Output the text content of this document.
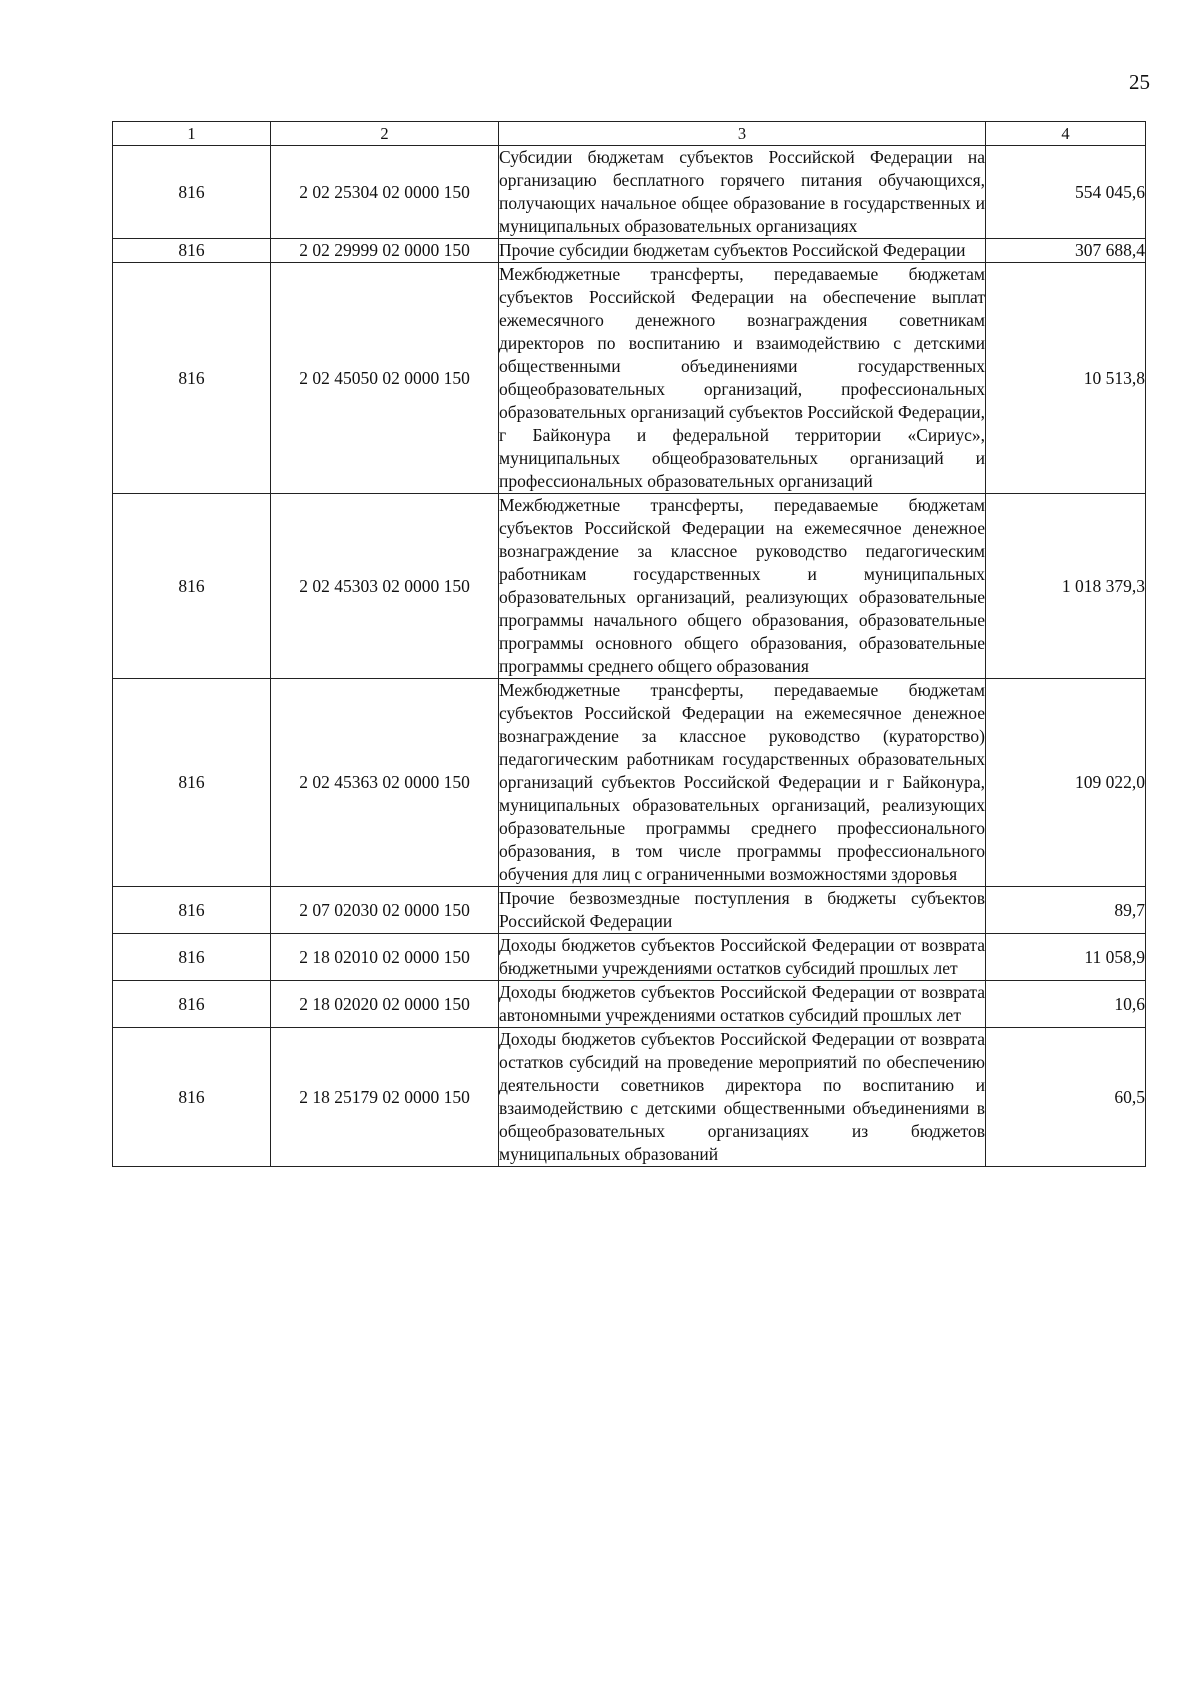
25
1	2	3	4
816	2 02 25304 02 0000 150	Субсидии бюджетам субъектов Российской Федерации на организацию бесплатного горячего питания обучающихся, получающих начальное общее образование в государственных и муниципальных образовательных организациях	554 045,6
816	2 02 29999 02 0000 150	Прочие субсидии бюджетам субъектов Российской Федерации	307 688,4
816	2 02 45050 02 0000 150	Межбюджетные трансферты, передаваемые бюджетам субъектов Российской Федерации на обеспечение выплат ежемесячного денежного вознаграждения советникам директоров по воспитанию и взаимодействию с детскими общественными объединениями государственных общеобразовательных организаций, профессиональных образовательных организаций субъектов Российской Федерации, г Байконура и федеральной территории «Сириус», муниципальных общеобразовательных организаций и профессиональных образовательных организаций	10 513,8
816	2 02 45303 02 0000 150	Межбюджетные трансферты, передаваемые бюджетам субъектов Российской Федерации на ежемесячное денежное вознаграждение за классное руководство педагогическим работникам государственных и муниципальных образовательных организаций, реализующих образовательные программы начального общего образования, образовательные программы основного общего образования, образовательные программы среднего общего образования	1 018 379,3
816	2 02 45363 02 0000 150	Межбюджетные трансферты, передаваемые бюджетам субъектов Российской Федерации на ежемесячное денежное вознаграждение за классное руководство (кураторство) педагогическим работникам государственных образовательных организаций субъектов Российской Федерации и г Байконура, муниципальных образовательных организаций, реализующих образовательные программы среднего профессионального образования, в том числе программы профессионального обучения для лиц с ограниченными возможностями здоровья	109 022,0
816	2 07 02030 02 0000 150	Прочие безвозмездные поступления в бюджеты субъектов Российской Федерации	89,7
816	2 18 02010 02 0000 150	Доходы бюджетов субъектов Российской Федерации от возврата бюджетными учреждениями остатков субсидий прошлых лет	11 058,9
816	2 18 02020 02 0000 150	Доходы бюджетов субъектов Российской Федерации от возврата автономными учреждениями остатков субсидий прошлых лет	10,6
816	2 18 25179 02 0000 150	Доходы бюджетов субъектов Российской Федерации от возврата остатков субсидий на проведение мероприятий по обеспечению деятельности советников директора по воспитанию и взаимодействию с детскими общественными объединениями в общеобразовательных организациях из бюджетов муниципальных образований	60,5
